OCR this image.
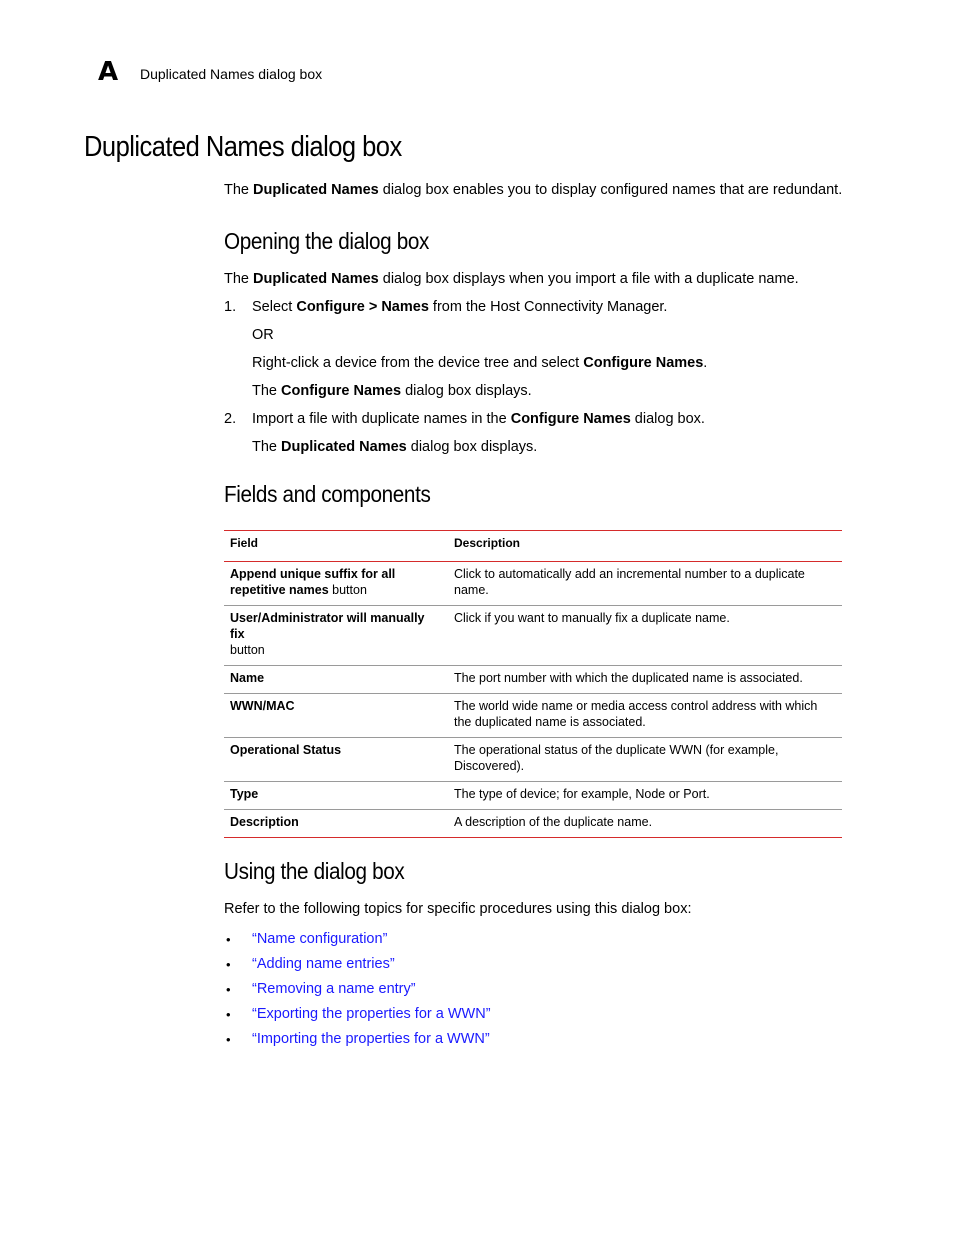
A Duplicated Names dialog box
Duplicated Names dialog box

The Duplicated Names dialog box enables you to display configured names that are redundant.

Opening the dialog box

The Duplicated Names dialog box displays when you import a file with a duplicate name.

1. Select Configure > Names from the Host Connectivity Manager.

OR

Right-click a device from the device tree and select Configure Names.

The Configure Names dialog box displays.

2. Import a file with duplicate names in the Configure Names dialog box.

The Duplicated Names dialog box displays.

Fields and components
Field	Description
Append unique suffix for all repetitive names button	Click to automatically add an incremental number to a duplicate name.
User/Administrator will manually fix
button	Click if you want to manually fix a duplicate name.
Name	The port number with which the duplicated name is associated.
WWN/MAC	The world wide name or media access control address with which the duplicated name is associated.
Operational Status	The operational status of the duplicate WWN (for example, Discovered).
Type	The type of device; for example, Node or Port.
Description	A description of the duplicate name.
Using the dialog box

Refer to the following topics for specific procedures using this dialog box:

• “Name configuration”
• “Adding name entries”
• “Removing a name entry”
• “Exporting the properties for a WWN”
• “Importing the properties for a WWN”
